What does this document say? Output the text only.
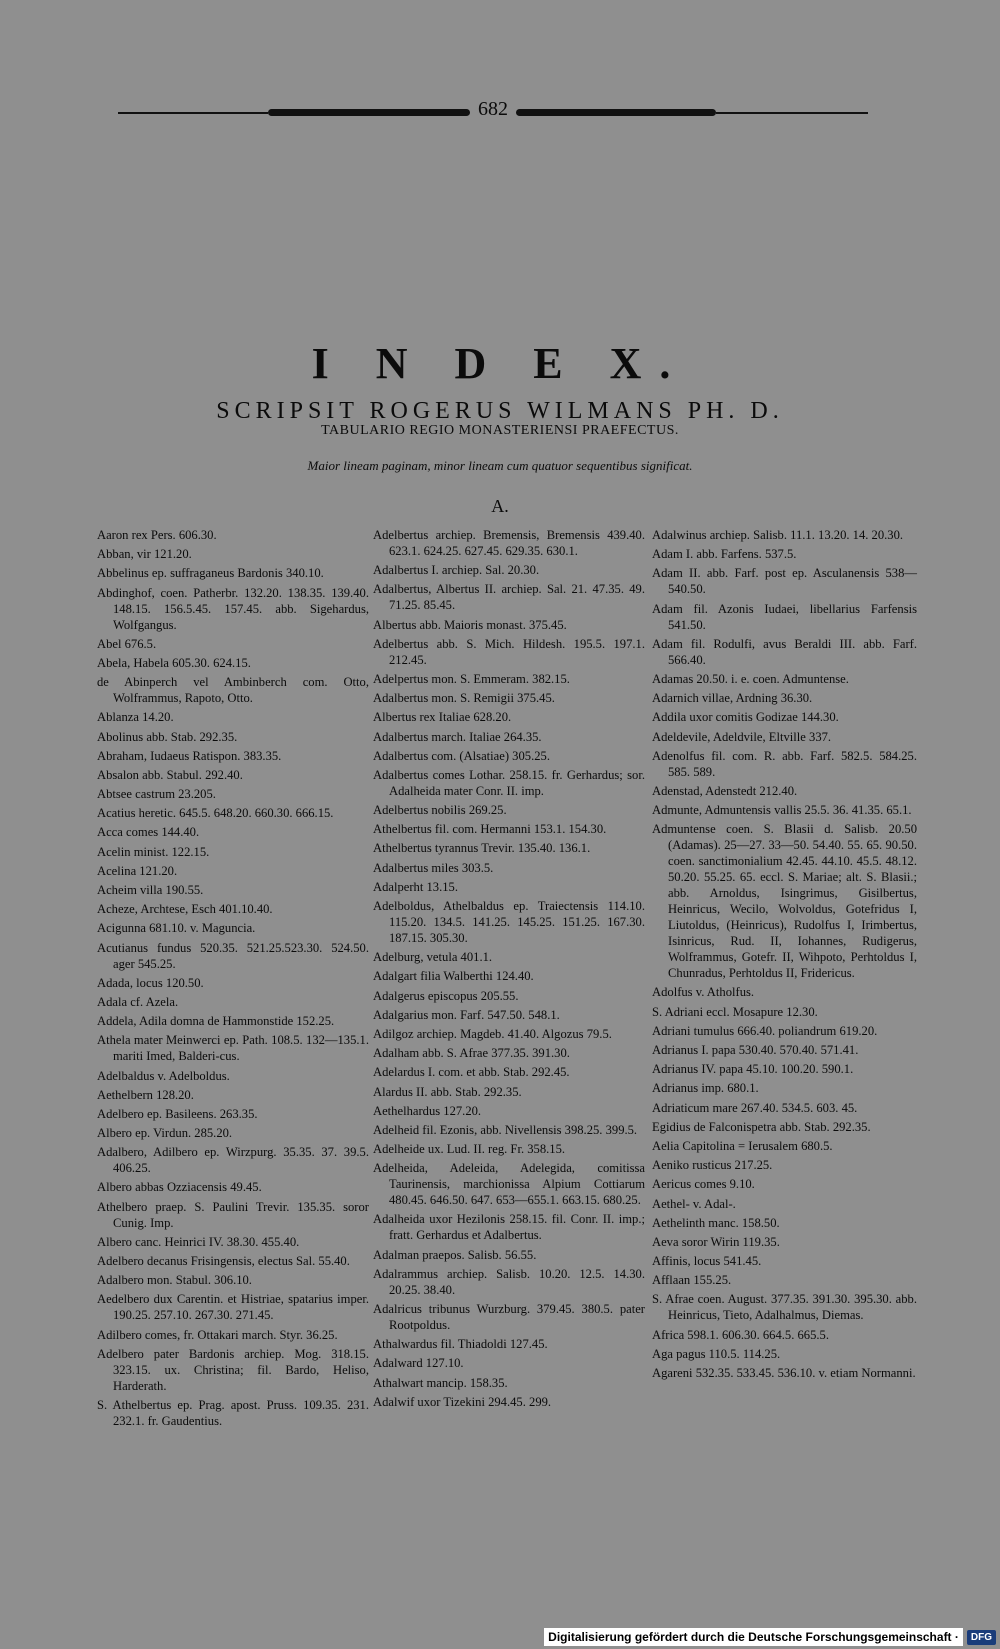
682
I N D E X.
SCRIPSIT ROGERUS WILMANS PH. D.
TABULARIO REGIO MONASTERIENSI PRAEFECTUS.
Maior lineam paginam, minor lineam cum quatuor sequentibus significat.
A.
Aaron rex Pers. 606.30.
Abban, vir 121.20.
Abbelinus ep. suffraganeus Bardonis 340.10.
Abdinghof, coen. Patherbr. 132.20. 138.35. 139.40. 148.15. 156.5.45. 157.45. abb. Sigehardus, Wolfgangus.
Abel 676.5.
Abela, Habela 605.30. 624.15.
de Abinperch vel Ambinberch com. Otto, Wolframmus, Rapoto, Otto.
Ablanza 14.20.
Abolinus abb. Stab. 292.35.
Abraham, Iudaeus Ratispon. 383.35.
Absalon abb. Stabul. 292.40.
Abtsee castrum 23.205.
Acatius heretic. 645.5. 648.20. 660.30. 666.15.
Acca comes 144.40.
Acelin minist. 122.15.
Acelina 121.20.
Acheim villa 190.55.
Acheze, Archtese, Esch 401.10.40.
Acigunna 681.10. v. Maguncia.
Acutianus fundus 520.35. 521.25.523.30. 524.50. ager 545.25.
Adada, locus 120.50.
Adala cf. Azela.
Addela, Adila domna de Hammonstide 152.25.
Athela mater Meinwerci ep. Path. 108.5. 132—135.1. mariti Imed, Balderi-cus.
Adelbaldus v. Adelboldus.
Aethelbern 128.20.
Adelbero ep. Basileens. 263.35.
Albero ep. Virdun. 285.20.
Adalbero, Adilbero ep. Wirzpurg. 35.35. 37. 39.5. 406.25.
Albero abbas Ozziacensis 49.45.
Athelbero praep. S. Paulini Trevir. 135.35. soror Cunig. Imp.
Albero canc. Heinrici IV. 38.30. 455.40.
Adelbero decanus Frisingensis, electus Sal. 55.40.
Adalbero mon. Stabul. 306.10.
Aedelbero dux Carentin. et Histriae, spatarius imper. 190.25. 257.10. 267.30. 271.45.
Adilbero comes, fr. Ottakari march. Styr. 36.25.
Adelbero pater Bardonis archiep. Mog. 318.15. 323.15. ux. Christina; fil. Bardo, Heliso, Harderath.
S. Athelbertus ep. Prag. apost. Pruss. 109.35. 231. 232.1. fr. Gaudentius.
Adelbertus archiep. Bremensis, Bremensis 439.40. 623.1. 624.25. 627.45. 629.35. 630.1.
Adalbertus I. archiep. Sal. 20.30.
Adalbertus, Albertus II. archiep. Sal. 21. 47.35. 49. 71.25. 85.45.
Albertus abb. Maioris monast. 375.45.
Adelbertus abb. S. Mich. Hildesh. 195.5. 197.1. 212.45.
Adelpertus mon. S. Emmeram. 382.15.
Adalbertus mon. S. Remigii 375.45.
Albertus rex Italiae 628.20.
Adalbertus march. Italiae 264.35.
Adalbertus com. (Alsatiae) 305.25.
Adalbertus comes Lothar. 258.15. fr. Gerhardus; sor. Adalheida mater Conr. II. imp.
Adelbertus nobilis 269.25.
Athelbertus fil. com. Hermanni 153.1. 154.30.
Athelbertus tyrannus Trevir. 135.40. 136.1.
Adalbertus miles 303.5.
Adalperht 13.15.
Adelboldus, Athelbaldus ep. Traiectensis 114.10. 115.20. 134.5. 141.25. 145.25. 151.25. 167.30. 187.15. 305.30.
Adelburg, vetula 401.1.
Adalgart filia Walberthi 124.40.
Adalgerus episcopus 205.55.
Adalgarius mon. Farf. 547.50. 548.1.
Adilgoz archiep. Magdeb. 41.40. Algozus 79.5.
Adalham abb. S. Afrae 377.35. 391.30.
Adelardus I. com. et abb. Stab. 292.45.
Alardus II. abb. Stab. 292.35.
Aethelhardus 127.20.
Adelheid fil. Ezonis, abb. Nivellensis 398.25. 399.5.
Adelheide ux. Lud. II. reg. Fr. 358.15.
Adelheida, Adeleida, Adelegida, comitissa Taurinensis, marchionissa Alpium Cottiarum 480.45. 646.50. 647. 653—655.1. 663.15. 680.25.
Adalheida uxor Hezilonis 258.15. fil. Conr. II. imp.; fratt. Gerhardus et Adalbertus.
Adalman praepos. Salisb. 56.55.
Adalrammus archiep. Salisb. 10.20. 12.5. 14.30. 20.25. 38.40.
Adalricus tribunus Wurzburg. 379.45. 380.5. pater Rootpoldus.
Athalwardus fil. Thiadoldi 127.45.
Adalward 127.10.
Athalwart mancip. 158.35.
Adalwif uxor Tizekini 294.45. 299.
Adalwinus archiep. Salisb. 11.1. 13.20. 14. 20.30.
Adam I. abb. Farfens. 537.5.
Adam II. abb. Farf. post ep. Asculanensis 538—540.50.
Adam fil. Azonis Iudaei, libellarius Farfensis 541.50.
Adam fil. Rodulfi, avus Beraldi III. abb. Farf. 566.40.
Adamas 20.50. i. e. coen. Admuntense.
Adarnich villae, Ardning 36.30.
Addila uxor comitis Godizae 144.30.
Adeldevile, Adeldvile, Eltville 337.
Adenolfus fil. com. R. abb. Farf. 582.5. 584.25. 585. 589.
Adenstad, Adenstedt 212.40.
Admunte, Admuntensis vallis 25.5. 36. 41.35. 65.1.
Admuntense coen. S. Blasii d. Salisb. 20.50 (Adamas). 25—27. 33—50. 54.40. 55. 65. 90.50. coen. sanctimonialium 42.45. 44.10. 45.5. 48.12. 50.20. 55.25. 65. eccl. S. Mariae; alt. S. Blasii.; abb. Arnoldus, Isingrimus, Gisilbertus, Heinricus, Wecilo, Wolvoldus, Gotefridus I, Liutoldus, (Heinricus), Rudolfus I, Irimbertus, Isinricus, Rud. II, Iohannes, Rudigerus, Wolframmus, Gotefr. II, Wihpoto, Perhtoldus I, Chunradus, Perhtoldus II, Fridericus.
Adolfus v. Atholfus.
S. Adriani eccl. Mosapure 12.30.
Adriani tumulus 666.40. poliandrum 619.20.
Adrianus I. papa 530.40. 570.40. 571.41.
Adrianus IV. papa 45.10. 100.20. 590.1.
Adrianus imp. 680.1.
Adriaticum mare 267.40. 534.5. 603. 45.
Egidius de Falconispetra abb. Stab. 292.35.
Aelia Capitolina = Ierusalem 680.5.
Aeniko rusticus 217.25.
Aericus comes 9.10.
Aethel- v. Adal-.
Aethelinth manc. 158.50.
Aeva soror Wirin 119.35.
Affinis, locus 541.45.
Afflaan 155.25.
S. Afrae coen. August. 377.35. 391.30. 395.30. abb. Heinricus, Tieto, Adalhalmus, Diemas.
Africa 598.1. 606.30. 664.5. 665.5.
Aga pagus 110.5. 114.25.
Agareni 532.35. 533.45. 536.10. v. etiam Normanni.
Digitalisierung gefördert durch die Deutsche Forschungsgemeinschaft ·	DFG
